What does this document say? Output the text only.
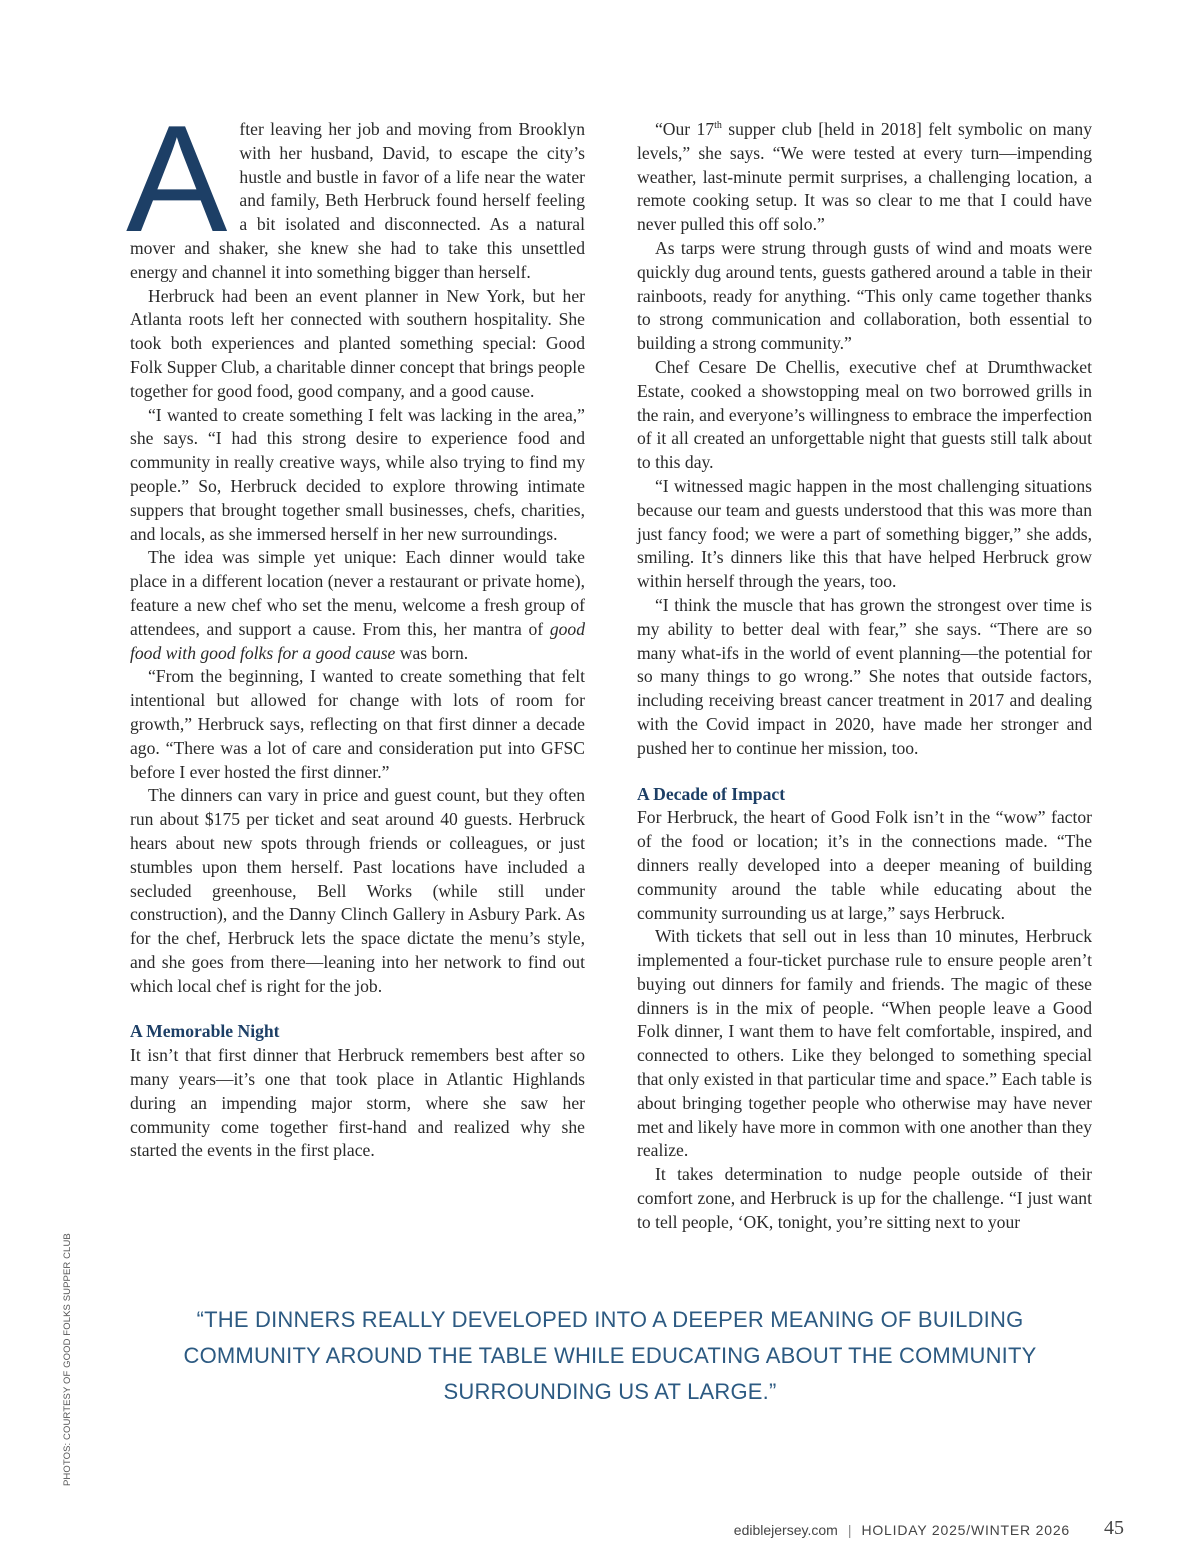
After leaving her job and moving from Brooklyn with her husband, David, to escape the city’s hustle and bustle in favor of a life near the water and family, Beth Herbruck found herself feeling a bit isolated and disconnected. As a natural mover and shaker, she knew she had to take this unsettled energy and channel it into something bigger than herself.

Herbruck had been an event planner in New York, but her Atlanta roots left her connected with southern hospitality. She took both experiences and planted something special: Good Folk Supper Club, a charitable dinner concept that brings people together for good food, good company, and a good cause.

“I wanted to create something I felt was lacking in the area,” she says. “I had this strong desire to experience food and community in really creative ways, while also trying to find my people.” So, Herbruck decided to explore throwing intimate suppers that brought together small businesses, chefs, charities, and locals, as she immersed herself in her new surroundings.

The idea was simple yet unique: Each dinner would take place in a different location (never a restaurant or private home), feature a new chef who set the menu, welcome a fresh group of attendees, and support a cause. From this, her mantra of good food with good folks for a good cause was born.

“From the beginning, I wanted to create something that felt intentional but allowed for change with lots of room for growth,” Herbruck says, reflecting on that first dinner a decade ago. “There was a lot of care and consideration put into GFSC before I ever hosted the first dinner.”

The dinners can vary in price and guest count, but they often run about $175 per ticket and seat around 40 guests. Herbruck hears about new spots through friends or colleagues, or just stumbles upon them herself. Past locations have included a secluded greenhouse, Bell Works (while still under construction), and the Danny Clinch Gallery in Asbury Park. As for the chef, Herbruck lets the space dictate the menu’s style, and she goes from there—leaning into her network to find out which local chef is right for the job.

A Memorable Night

It isn’t that first dinner that Herbruck remembers best after so many years—it’s one that took place in Atlantic Highlands during an impending major storm, where she saw her community come together first-hand and realized why she started the events in the first place.

“Our 17th supper club [held in 2018] felt symbolic on many levels,” she says. “We were tested at every turn—impending weather, last-minute permit surprises, a challenging location, a remote cooking setup. It was so clear to me that I could have never pulled this off solo.”

As tarps were strung through gusts of wind and moats were quickly dug around tents, guests gathered around a table in their rainboots, ready for anything. “This only came together thanks to strong communication and collaboration, both essential to building a strong community.”

Chef Cesare De Chellis, executive chef at Drumthwacket Estate, cooked a showstopping meal on two borrowed grills in the rain, and everyone’s willingness to embrace the imperfection of it all created an unforgettable night that guests still talk about to this day.

“I witnessed magic happen in the most challenging situations because our team and guests understood that this was more than just fancy food; we were a part of something bigger,” she adds, smiling. It’s dinners like this that have helped Herbruck grow within herself through the years, too.

“I think the muscle that has grown the strongest over time is my ability to better deal with fear,” she says. “There are so many what-ifs in the world of event planning—the potential for so many things to go wrong.” She notes that outside factors, including receiving breast cancer treatment in 2017 and dealing with the Covid impact in 2020, have made her stronger and pushed her to continue her mission, too.

A Decade of Impact

For Herbruck, the heart of Good Folk isn’t in the “wow” factor of the food or location; it’s in the connections made. “The dinners really developed into a deeper meaning of building community around the table while educating about the community surrounding us at large,” says Herbruck.

With tickets that sell out in less than 10 minutes, Herbruck implemented a four-ticket purchase rule to ensure people aren’t buying out dinners for family and friends. The magic of these dinners is in the mix of people. “When people leave a Good Folk dinner, I want them to have felt comfortable, inspired, and connected to others. Like they belonged to something special that only existed in that particular time and space.” Each table is about bringing together people who otherwise may have never met and likely have more in common with one another than they realize.

It takes determination to nudge people outside of their comfort zone, and Herbruck is up for the challenge. “I just want to tell people, ‘OK, tonight, you’re sitting next to your

“THE DINNERS REALLY DEVELOPED INTO A DEEPER MEANING OF BUILDING COMMUNITY AROUND THE TABLE WHILE EDUCATING ABOUT THE COMMUNITY SURROUNDING US AT LARGE.”
PHOTOS: COURTESY OF GOOD FOLKS SUPPER CLUB
ediblejersey.com | HOLIDAY 2025/WINTER 2026 45
